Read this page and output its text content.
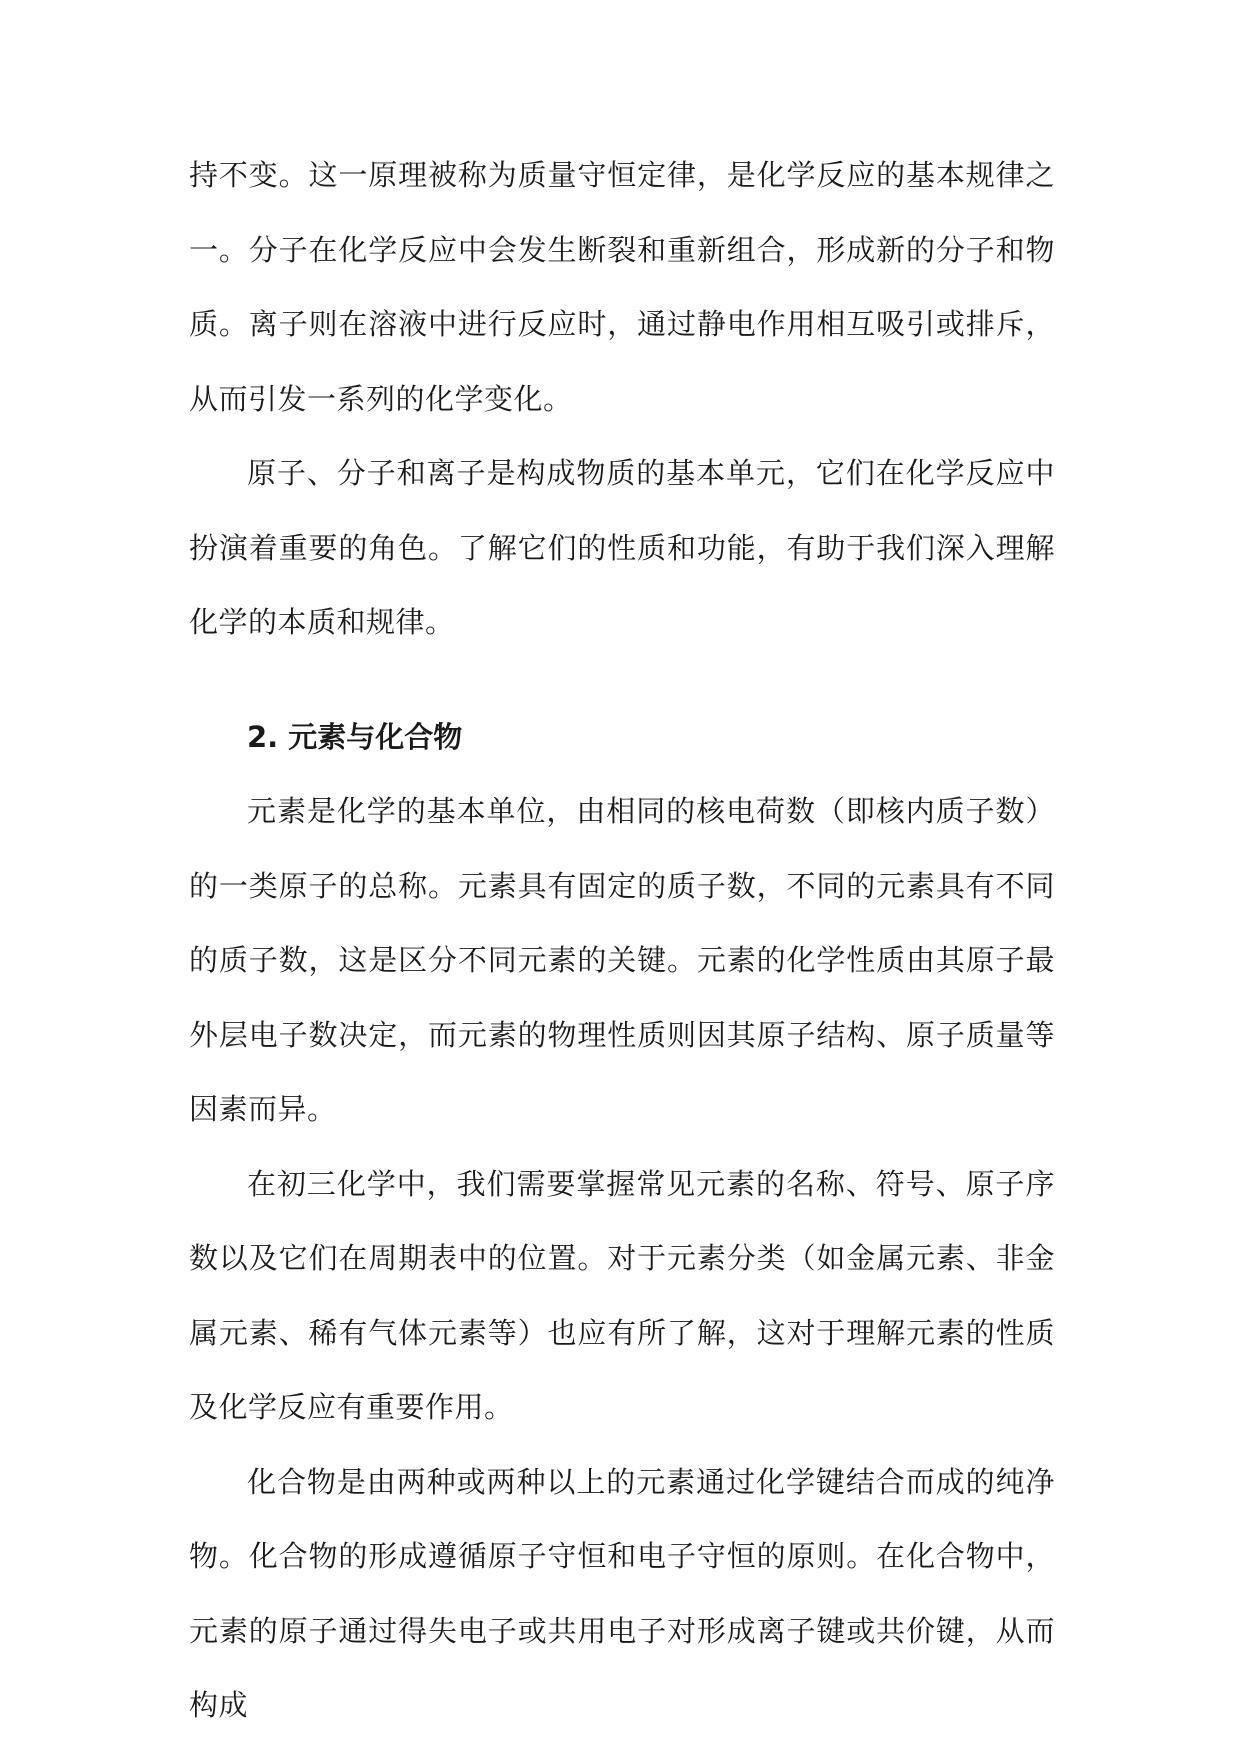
持不变。这一原理被称为质量守恒定律，是化学反应的基本规律之一。分子在化学反应中会发生断裂和重新组合，形成新的分子和物质。离子则在溶液中进行反应时，通过静电作用相互吸引或排斥，从而引发一系列的化学变化。

原子、分子和离子是构成物质的基本单元，它们在化学反应中扮演着重要的角色。了解它们的性质和功能，有助于我们深入理解化学的本质和规律。

2. 元素与化合物

元素是化学的基本单位，由相同的核电荷数（即核内质子数）的一类原子的总称。元素具有固定的质子数，不同的元素具有不同的质子数，这是区分不同元素的关键。元素的化学性质由其原子最外层电子数决定，而元素的物理性质则因其原子结构、原子质量等因素而异。

在初三化学中，我们需要掌握常见元素的名称、符号、原子序数以及它们在周期表中的位置。对于元素分类（如金属元素、非金属元素、稀有气体元素等）也应有所了解，这对于理解元素的性质及化学反应有重要作用。

化合物是由两种或两种以上的元素通过化学键结合而成的纯净物。化合物的形成遵循原子守恒和电子守恒的原则。在化合物中，元素的原子通过得失电子或共用电子对形成离子键或共价键，从而构成
